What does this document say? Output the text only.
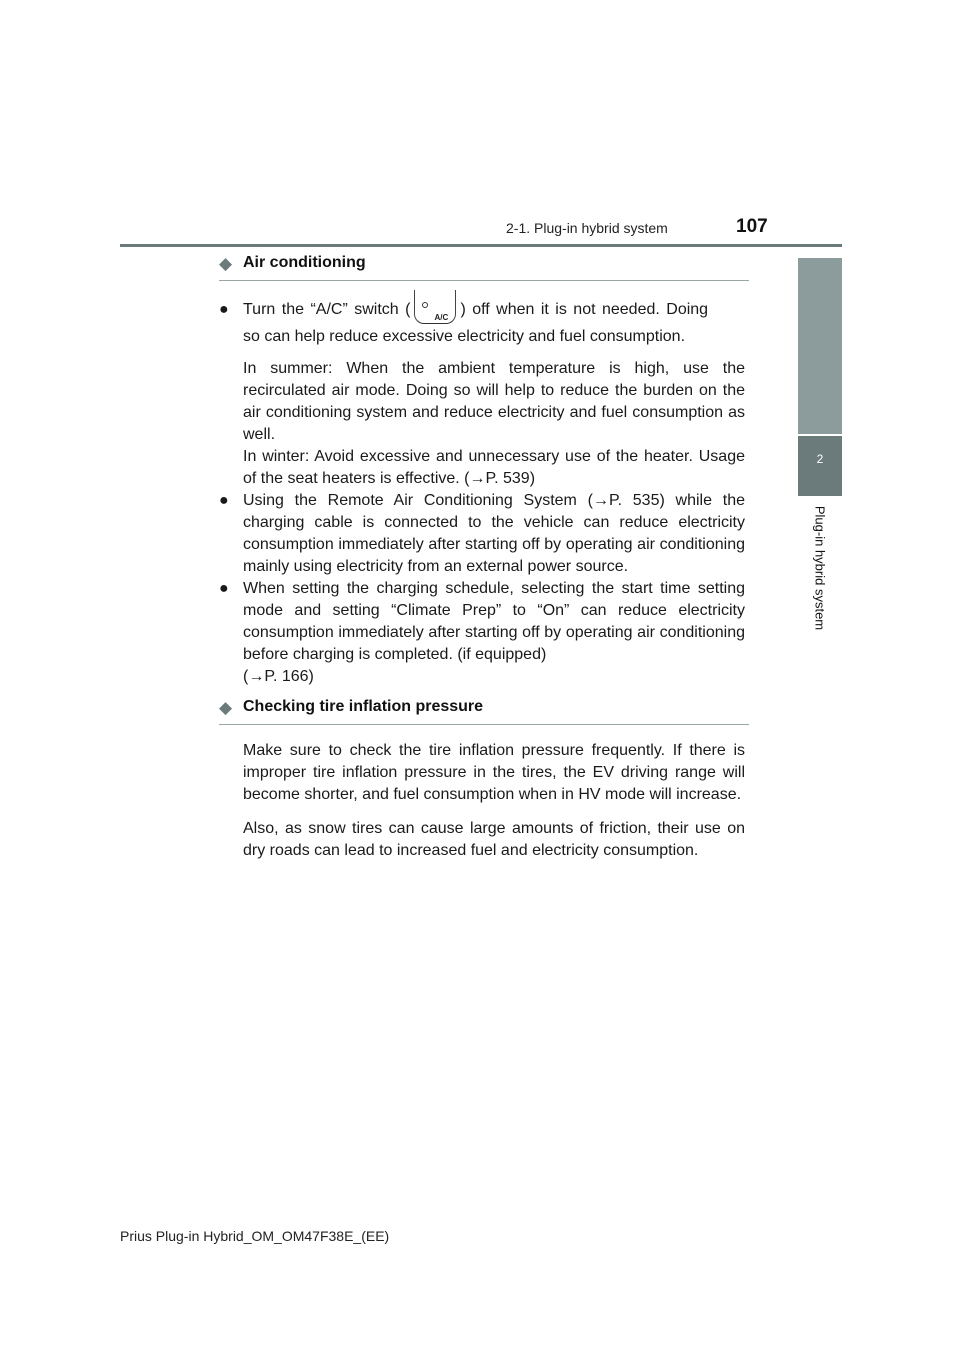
2-1. Plug-in hybrid system	107
2
Plug-in hybrid system
◆ Air conditioning
● Turn the “A/C” switch (	A/C ) off when it is not needed. Doing
so can help reduce excessive electricity and fuel consumption.
In summer: When the ambient temperature is high, use the recirculated air mode. Doing so will help to reduce the burden on the air conditioning system and reduce electricity and fuel consumption as well.
In winter: Avoid excessive and unnecessary use of the heater. Usage of the seat heaters is effective. (→P. 539)
● Using the Remote Air Conditioning System (→P. 535) while the charging cable is connected to the vehicle can reduce electricity consumption immediately after starting off by operating air conditioning mainly using electricity from an external power source.
● When setting the charging schedule, selecting the start time setting mode and setting “Climate Prep” to “On” can reduce electricity consumption immediately after starting off by operating air conditioning before charging is completed. (if equipped)
(→P. 166)
◆ Checking tire inflation pressure
Make sure to check the tire inflation pressure frequently. If there is improper tire inflation pressure in the tires, the EV driving range will become shorter, and fuel consumption when in HV mode will increase.
Also, as snow tires can cause large amounts of friction, their use on dry roads can lead to increased fuel and electricity consumption.
Prius Plug-in Hybrid_OM_OM47F38E_(EE)
